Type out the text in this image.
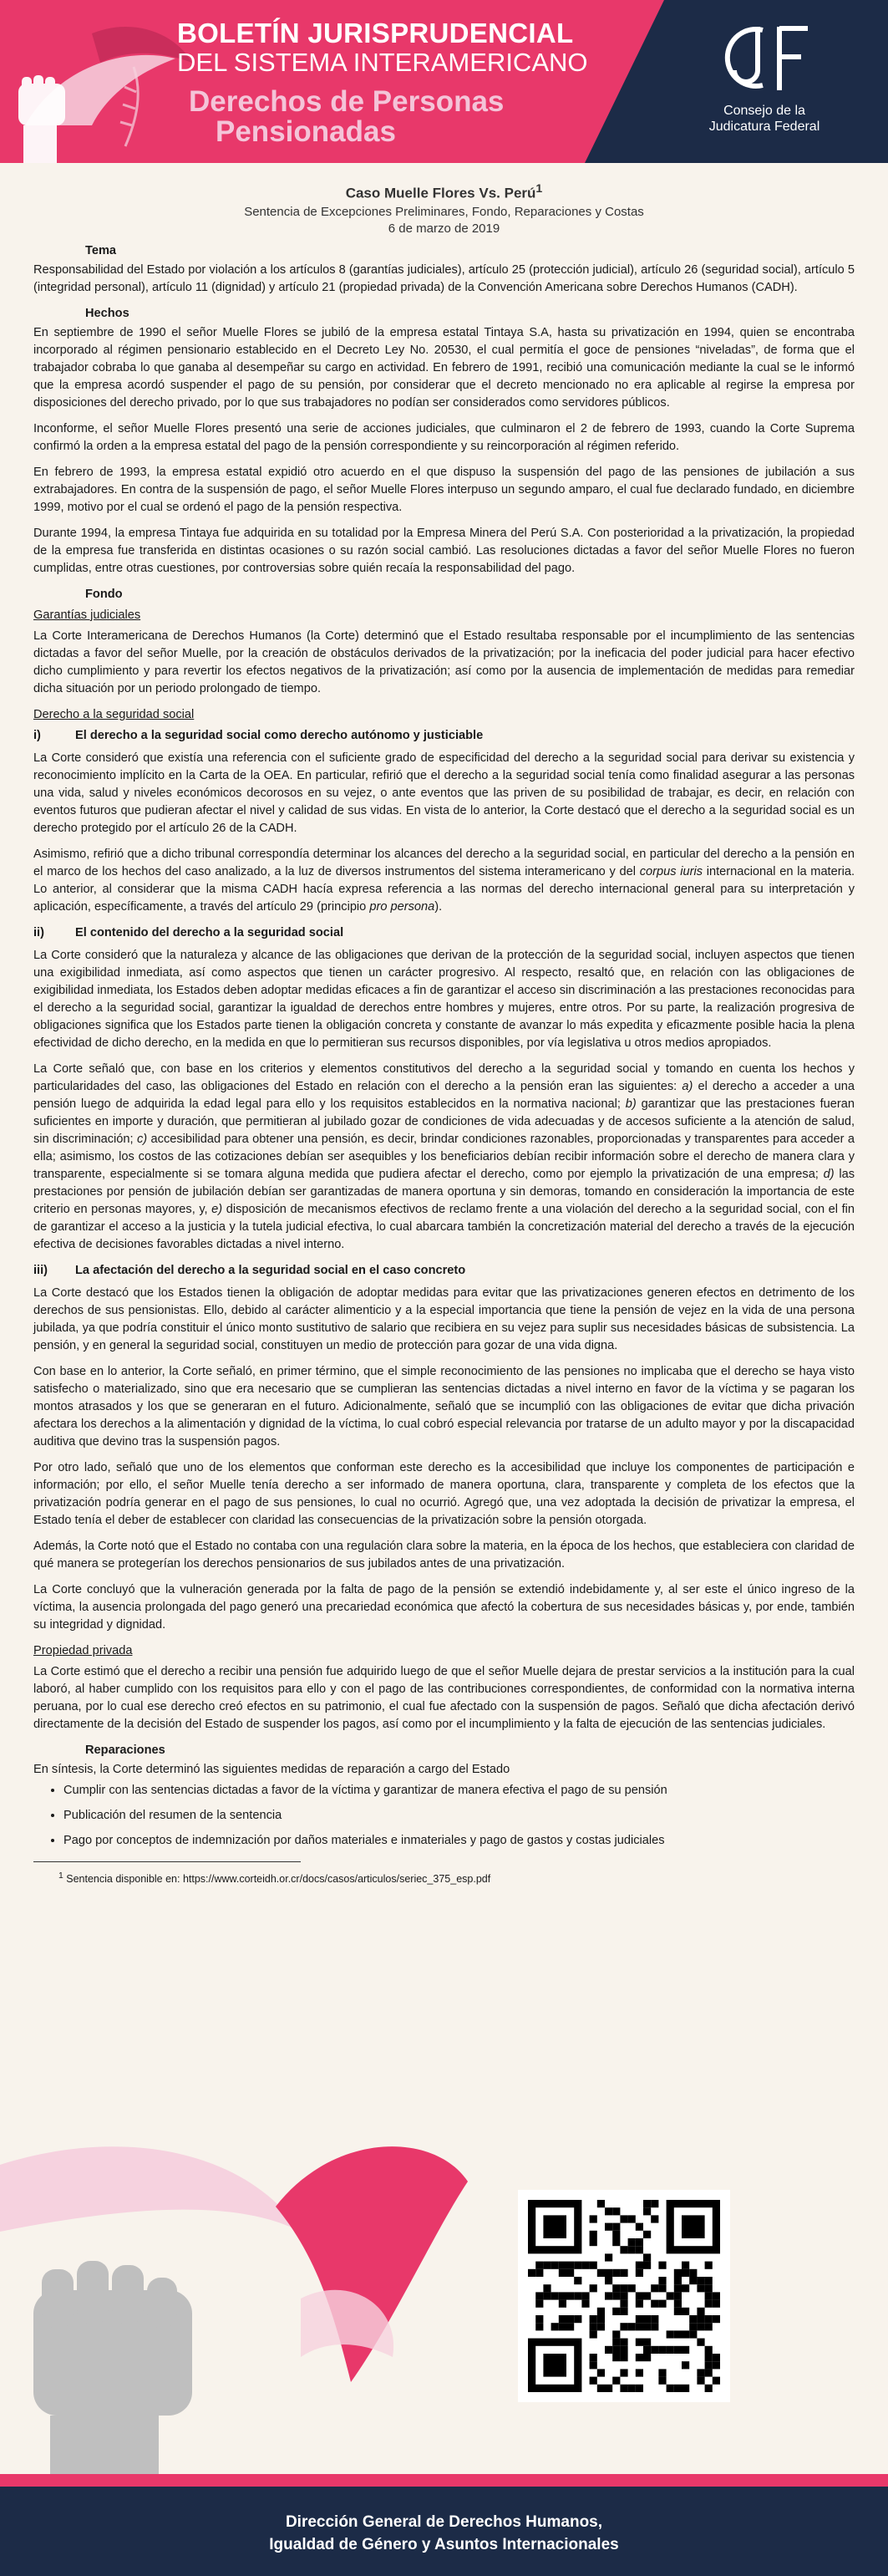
BOLETÍN JURISPRUDENCIAL
DEL SISTEMA INTERAMERICANO
Derechos de Personas
Pensionadas
Consejo de la
Judicatura Federal
Caso Muelle Flores Vs. Perú$^1$
Sentencia de Excepciones Preliminares, Fondo, Reparaciones y Costas
6 de marzo de 2019
Tema

Responsabilidad del Estado por violación a los artículos 8 (garantías judiciales), artículo 25 (protección judicial), artículo 26 (seguridad social), artículo 5 (integridad personal), artículo 11 (dignidad) y artículo 21 (propiedad privada) de la Convención Americana sobre Derechos Humanos (CADH).

Hechos

En septiembre de 1990 el señor Muelle Flores se jubiló de la empresa estatal Tintaya S.A, hasta su privatización en 1994, quien se encontraba incorporado al régimen pensionario establecido en el Decreto Ley No. 20530, el cual permitía el goce de pensiones “niveladas”, de forma que el trabajador cobraba lo que ganaba al desempeñar su cargo en actividad. En febrero de 1991, recibió una comunicación mediante la cual se le informó que la empresa acordó suspender el pago de su pensión, por considerar que el decreto mencionado no era aplicable al regirse la empresa por disposiciones del derecho privado, por lo que sus trabajadores no podían ser considerados como servidores públicos.

Inconforme, el señor Muelle Flores presentó una serie de acciones judiciales, que culminaron el 2 de febrero de 1993, cuando la Corte Suprema confirmó la orden a la empresa estatal del pago de la pensión correspondiente y su reincorporación al régimen referido.

En febrero de 1993, la empresa estatal expidió otro acuerdo en el que dispuso la suspensión del pago de las pensiones de jubilación a sus extrabajadores. En contra de la suspensión de pago, el señor Muelle Flores interpuso un segundo amparo, el cual fue declarado fundado, en diciembre 1999, motivo por el cual se ordenó el pago de la pensión respectiva.

Durante 1994, la empresa Tintaya fue adquirida en su totalidad por la Empresa Minera del Perú S.A. Con posterioridad a la privatización, la propiedad de la empresa fue transferida en distintas ocasiones o su razón social cambió. Las resoluciones dictadas a favor del señor Muelle Flores no fueron cumplidas, entre otras cuestiones, por controversias sobre quién recaía la responsabilidad del pago.

Fondo
Garantías judiciales

La Corte Interamericana de Derechos Humanos (la Corte) determinó que el Estado resultaba responsable por el incumplimiento de las sentencias dictadas a favor del señor Muelle, por la creación de obstáculos derivados de la privatización; por la ineficacia del poder judicial para hacer efectivo dicho cumplimiento y para revertir los efectos negativos de la privatización; así como por la ausencia de implementación de medidas para remediar dicha situación por un periodo prolongado de tiempo.

Derecho a la seguridad social
i)	El derecho a la seguridad social como derecho autónomo y justiciable

La Corte consideró que existía una referencia con el suficiente grado de especificidad del derecho a la seguridad social para derivar su existencia y reconocimiento implícito en la Carta de la OEA. En particular, refirió que el derecho a la seguridad social tenía como finalidad asegurar a las personas una vida, salud y niveles económicos decorosos en su vejez, o ante eventos que las priven de su posibilidad de trabajar, es decir, en relación con eventos futuros que pudieran afectar el nivel y calidad de sus vidas. En vista de lo anterior, la Corte destacó que el derecho a la seguridad social es un derecho protegido por el artículo 26 de la CADH.

Asimismo, refirió que a dicho tribunal correspondía determinar los alcances del derecho a la seguridad social, en particular del derecho a la pensión en el marco de los hechos del caso analizado, a la luz de diversos instrumentos del sistema interamericano y del corpus iuris internacional en la materia. Lo anterior, al considerar que la misma CADH hacía expresa referencia a las normas del derecho internacional general para su interpretación y aplicación, específicamente, a través del artículo 29 (principio pro persona).

ii)	El contenido del derecho a la seguridad social

La Corte consideró que la naturaleza y alcance de las obligaciones que derivan de la protección de la seguridad social, incluyen aspectos que tienen una exigibilidad inmediata, así como aspectos que tienen un carácter progresivo. Al respecto, resaltó que, en relación con las obligaciones de exigibilidad inmediata, los Estados deben adoptar medidas eficaces a fin de garantizar el acceso sin discriminación a las prestaciones reconocidas para el derecho a la seguridad social, garantizar la igualdad de derechos entre hombres y mujeres, entre otros. Por su parte, la realización progresiva de obligaciones significa que los Estados parte tienen la obligación concreta y constante de avanzar lo más expedita y eficazmente posible hacia la plena efectividad de dicho derecho, en la medida en que lo permitieran sus recursos disponibles, por vía legislativa u otros medios apropiados.

La Corte señaló que, con base en los criterios y elementos constitutivos del derecho a la seguridad social y tomando en cuenta los hechos y particularidades del caso, las obligaciones del Estado en relación con el derecho a la pensión eran las siguientes: a) el derecho a acceder a una pensión luego de adquirida la edad legal para ello y los requisitos establecidos en la normativa nacional; b) garantizar que las prestaciones fueran suficientes en importe y duración, que permitieran al jubilado gozar de condiciones de vida adecuadas y de accesos suficiente a la atención de salud, sin discriminación; c) accesibilidad para obtener una pensión, es decir, brindar condiciones razonables, proporcionadas y transparentes para acceder a ella; asimismo, los costos de las cotizaciones debían ser asequibles y los beneficiarios debían recibir información sobre el derecho de manera clara y transparente, especialmente si se tomara alguna medida que pudiera afectar el derecho, como por ejemplo la privatización de una empresa; d) las prestaciones por pensión de jubilación debían ser garantizadas de manera oportuna y sin demoras, tomando en consideración la importancia de este criterio en personas mayores, y, e) disposición de mecanismos efectivos de reclamo frente a una violación del derecho a la seguridad social, con el fin de garantizar el acceso a la justicia y la tutela judicial efectiva, lo cual abarcara también la concretización material del derecho a través de la ejecución efectiva de decisiones favorables dictadas a nivel interno.

iii) La afectación del derecho a la seguridad social en el caso concreto

La Corte destacó que los Estados tienen la obligación de adoptar medidas para evitar que las privatizaciones generen efectos en detrimento de los derechos de sus pensionistas. Ello, debido al carácter alimenticio y a la especial importancia que tiene la pensión de vejez en la vida de una persona jubilada, ya que podría constituir el único monto sustitutivo de salario que recibiera en su vejez para suplir sus necesidades básicas de subsistencia. La pensión, y en general la seguridad social, constituyen un medio de protección para gozar de una vida digna.

Con base en lo anterior, la Corte señaló, en primer término, que el simple reconocimiento de las pensiones no implicaba que el derecho se haya visto satisfecho o materializado, sino que era necesario que se cumplieran las sentencias dictadas a nivel interno en favor de la víctima y se pagaran los montos atrasados y los que se generaran en el futuro. Adicionalmente, señaló que se incumplió con las obligaciones de evitar que dicha privación afectara los derechos a la alimentación y dignidad de la víctima, lo cual cobró especial relevancia por tratarse de un adulto mayor y por la discapacidad auditiva que devino tras la suspensión pagos.

Por otro lado, señaló que uno de los elementos que conforman este derecho es la accesibilidad que incluye los componentes de participación e información; por ello, el señor Muelle tenía derecho a ser informado de manera oportuna, clara, transparente y completa de los efectos que la privatización podría generar en el pago de sus pensiones, lo cual no ocurrió. Agregó que, una vez adoptada la decisión de privatizar la empresa, el Estado tenía el deber de establecer con claridad las consecuencias de la privatización sobre la pensión otorgada.

Además, la Corte notó que el Estado no contaba con una regulación clara sobre la materia, en la época de los hechos, que estableciera con claridad de qué manera se protegerían los derechos pensionarios de sus jubilados antes de una privatización.

La Corte concluyó que la vulneración generada por la falta de pago de la pensión se extendió indebidamente y, al ser este el único ingreso de la víctima, la ausencia prolongada del pago generó una precariedad económica que afectó la cobertura de sus necesidades básicas y, por ende, también su integridad y dignidad.

Propiedad privada

La Corte estimó que el derecho a recibir una pensión fue adquirido luego de que el señor Muelle dejara de prestar servicios a la institución para la cual laboró, al haber cumplido con los requisitos para ello y con el pago de las contribuciones correspondientes, de conformidad con la normativa interna peruana, por lo cual ese derecho creó efectos en su patrimonio, el cual fue afectado con la suspensión de pagos. Señaló que dicha afectación derivó directamente de la decisión del Estado de suspender los pagos, así como por el incumplimiento y la falta de ejecución de las sentencias judiciales.

Reparaciones
En síntesis, la Corte determinó las siguientes medidas de reparación a cargo del Estado
• Cumplir con las sentencias dictadas a favor de la víctima y garantizar de manera efectiva el pago de su pensión
• Publicación del resumen de la sentencia
• Pago por conceptos de indemnización por daños materiales e inmateriales y pago de gastos y costas judiciales
$^1$ Sentencia disponible en: https://www.corteidh.or.cr/docs/casos/articulos/seriec_375_esp.pdf
Dirección General de Derechos Humanos,
Igualdad de Género y Asuntos Internacionales
